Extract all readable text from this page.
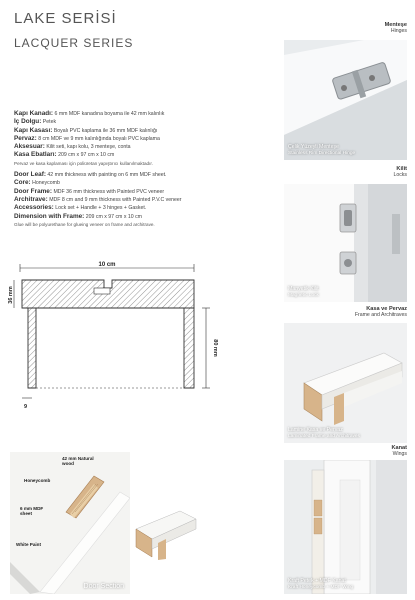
LAKE SERİSİ
LACQUER SERIES
Kapı Kanadı: 6 mm MDF kanadına boyama ile 42 mm kalınlık
İç Dolgu: Petek
Kapı Kasası: Boyalı PVC kaplama ile 36 mm MDF kalınlığı
Pervaz: 8 cm MDF ve 9 mm kalınlığında boyalı PVC kaplama
Aksesuar: Kilit seti, kapı kolu, 3 menteşe, conta
Kasa Ebatları: 209 cm x 97 cm x 10 cm
Pervaz ve kasa kaplaması için poliüretan yapıştırıcı kullanılmaktadır.
Door Leaf: 42 mm thickness with painting on 6 mm MDF sheet.
Core: Honeycomb
Door Frame: MDF 36 mm thickness with Painted PVC veneer
Architrave: MDF 8 cm and 9 mm thickness with Painted P.V.C veneer
Accessories: Lock set + Handle + 3 hinges + Gasket.
Dimension with Frame: 209 cm x 97 cm x 10 cm
Glue will be polyurethane for glueing veneer on frame and architrave.
10 cm
36 mm
80 mm
9
Menteşe
Hinges
Çelik Yüzeyli Menteşe
Stainless Rim Directional Hinge
Kilit
Locks
Manyetik Kilit
Magnetic Lock
Kasa ve Pervaz
Frame and Architraves
Lamine Kasa ve Pervaz
Laminated Frame and Architraves
Kanat
Wings
Kraft Petek + MDF Kanat
Kraft Honeycomb + MDF Wing
42 mm Natural wood
Honeycomb
6 mm MDF sheet
White Paint
Door Section
